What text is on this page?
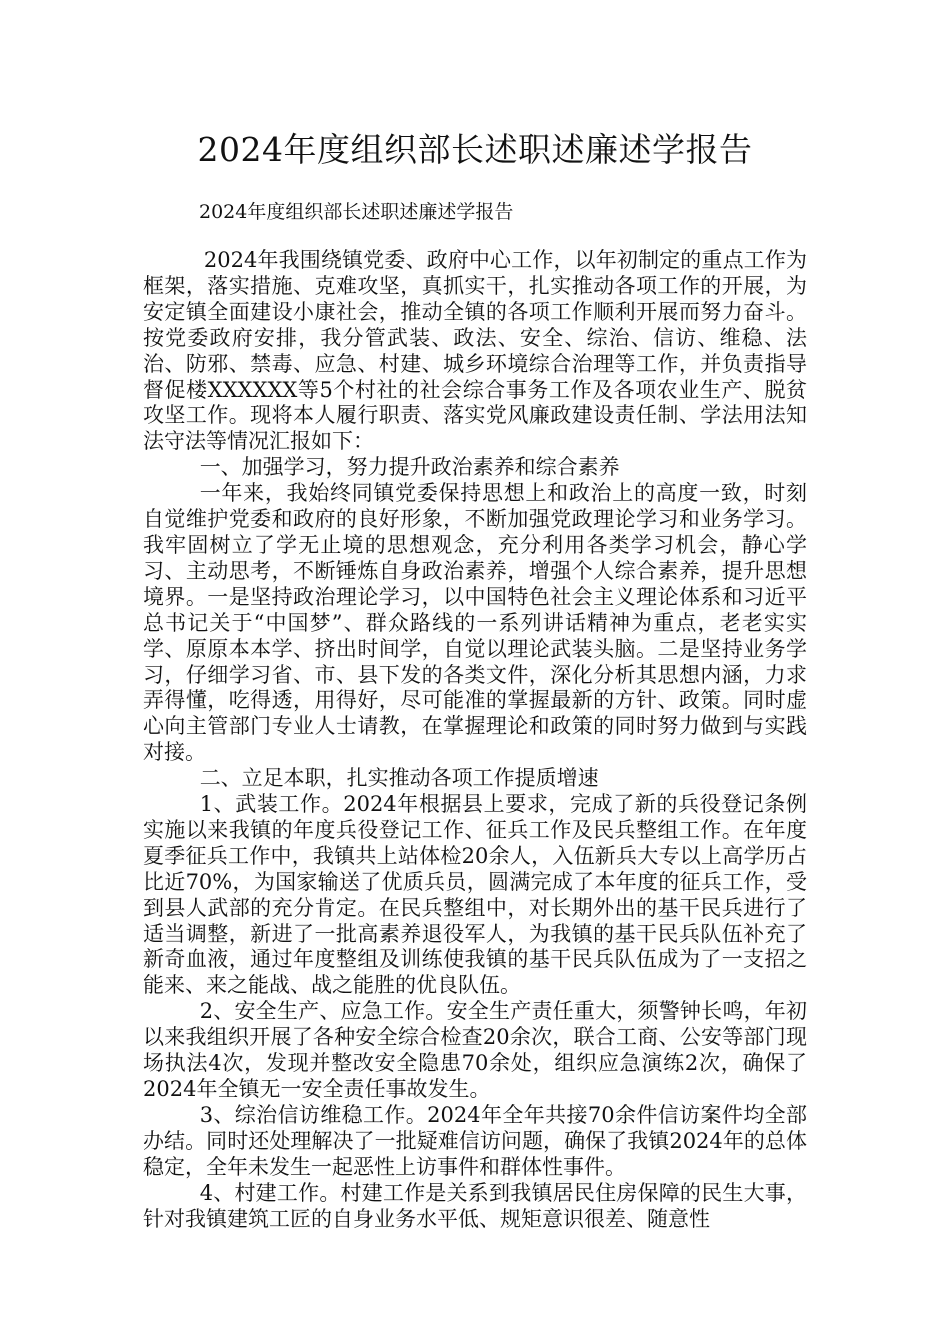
2024年度组织部长述职述廉述学报告
2024年度组织部长述职述廉述学报告

2024年我围绕镇党委、政府中心工作，以年初制定的重点工作为框架，落实措施、克难攻坚，真抓实干，扎实推动各项工作的开展，为安定镇全面建设小康社会，推动全镇的各项工作顺利开展而努力奋斗。按党委政府安排，我分管武装、政法、安全、综治、信访、维稳、法治、防邪、禁毒、应急、村建、城乡环境综合治理等工作，并负责指导督促楼XXXXXX等5个村社的社会综合事务工作及各项农业生产、脱贫攻坚工作。现将本人履行职责、落实党风廉政建设责任制、学法用法知法守法等情况汇报如下：

一、加强学习，努力提升政治素养和综合素养

一年来，我始终同镇党委保持思想上和政治上的高度一致，时刻自觉维护党委和政府的良好形象，不断加强党政理论学习和业务学习。我牢固树立了学无止境的思想观念，充分利用各类学习机会，静心学习、主动思考，不断锤炼自身政治素养，增强个人综合素养，提升思想境界。一是坚持政治理论学习，以中国特色社会主义理论体系和习近平总书记关于“中国梦”、群众路线的一系列讲话精神为重点，老老实实学、原原本本学、挤出时间学，自觉以理论武装头脑。二是坚持业务学习，仔细学习省、市、县下发的各类文件，深化分析其思想内涵，力求弄得懂，吃得透，用得好，尽可能准的掌握最新的方针、政策。同时虚心向主管部门专业人士请教，在掌握理论和政策的同时努力做到与实践对接。

二、立足本职，扎实推动各项工作提质增速

1、武装工作。2024年根据县上要求，完成了新的兵役登记条例实施以来我镇的年度兵役登记工作、征兵工作及民兵整组工作。在年度夏季征兵工作中，我镇共上站体检20余人，入伍新兵大专以上高学历占比近70%，为国家输送了优质兵员，圆满完成了本年度的征兵工作，受到县人武部的充分肯定。在民兵整组中，对长期外出的基干民兵进行了适当调整，新进了一批高素养退役军人，为我镇的基干民兵队伍补充了新奇血液，通过年度整组及训练使我镇的基干民兵队伍成为了一支招之能来、来之能战、战之能胜的优良队伍。

2、安全生产、应急工作。安全生产责任重大，须警钟长鸣，年初以来我组织开展了各种安全综合检查20余次，联合工商、公安等部门现场执法4次，发现并整改安全隐患70余处，组织应急演练2次，确保了2024年全镇无一安全责任事故发生。

3、综治信访维稳工作。2024年全年共接70余件信访案件均全部办结。同时还处理解决了一批疑难信访问题，确保了我镇2024年的总体稳定，全年未发生一起恶性上访事件和群体性事件。

4、村建工作。村建工作是关系到我镇居民住房保障的民生大事，针对我镇建筑工匠的自身业务水平低、规矩意识很差、随意性
